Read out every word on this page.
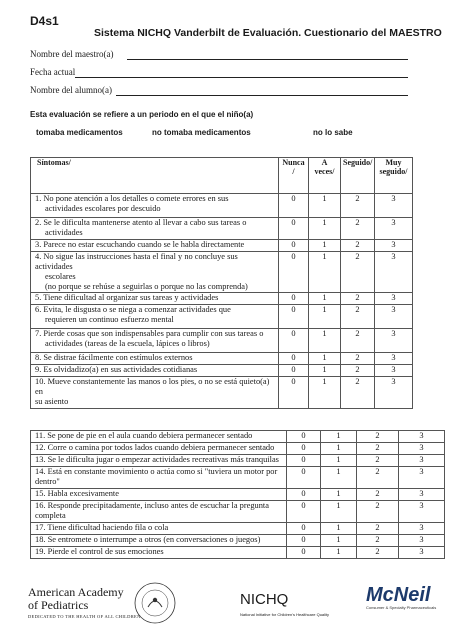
D4s1
Sistema NICHQ Vanderbilt de Evaluación. Cuestionario del MAESTRO
Nombre del maestro(a)
Fecha actual
Nombre del alumno(a)
Esta evaluación se refiere a un periodo en el que el niño(a)
tomaba medicamentos	no tomaba medicamentos	no lo sabe
Síntomas/	Nunca /	A veces/	Seguido/	Muy seguido/
1. No pone atención a los detalles o comete errores en sus
actividades escolares por descuido	0	1	2	3
2. Se le dificulta mantenerse atento al llevar a cabo sus tareas o
actividades	0	1	2	3
3. Parece no estar escuchando cuando se le habla directamente	0	1	2	3
4. No sigue las instrucciones hasta el final y no concluye sus actividades
escolares
(no porque se rehúse a seguirlas o porque no las comprenda)	0	1	2	3
5. Tiene dificultad al organizar sus tareas y actividades	0	1	2	3
6. Evita, le disgusta o se niega a comenzar actividades que
requieren un continuo esfuerzo mental	0	1	2	3
7. Pierde cosas que son indispensables para cumplir con sus tareas o
actividades (tareas de la escuela, lápices o libros)	0	1	2	3
8. Se distrae fácilmente con estímulos externos	0	1	2	3
9. Es olvidadizo(a) en sus actividades cotidianas	0	1	2	3
10. Mueve constantemente las manos o los pies, o no se está quieto(a) en
su asiento	0	1	2	3
11. Se pone de pie en el aula cuando debiera permanecer sentado	0	1	2	3
12. Corre o camina por todos lados cuando debiera permanecer sentado	0	1	2	3
13. Se le dificulta jugar o empezar actividades recreativas más tranquilas	0	1	2	3
14. Está en constante movimiento o actúa como si "tuviera un motor por
dentro"	0	1	2	3
15. Habla excesivamente	0	1	2	3
16. Responde precipitadamente, incluso antes de escuchar la pregunta
completa	0	1	2	3
17. Tiene dificultad haciendo fila o cola	0	1	2	3
18. Se entromete o interrumpe a otros (en conversaciones o juegos)	0	1	2	3
19. Pierde el control de sus emociones	0	1	2	3
American Academy
of Pediatrics
DEDICATED TO THE HEALTH OF ALL CHILDREN
NICHQ
National Initiative for Children's Healthcare Quality
McNeil
Consumer & Specialty Pharmaceuticals
